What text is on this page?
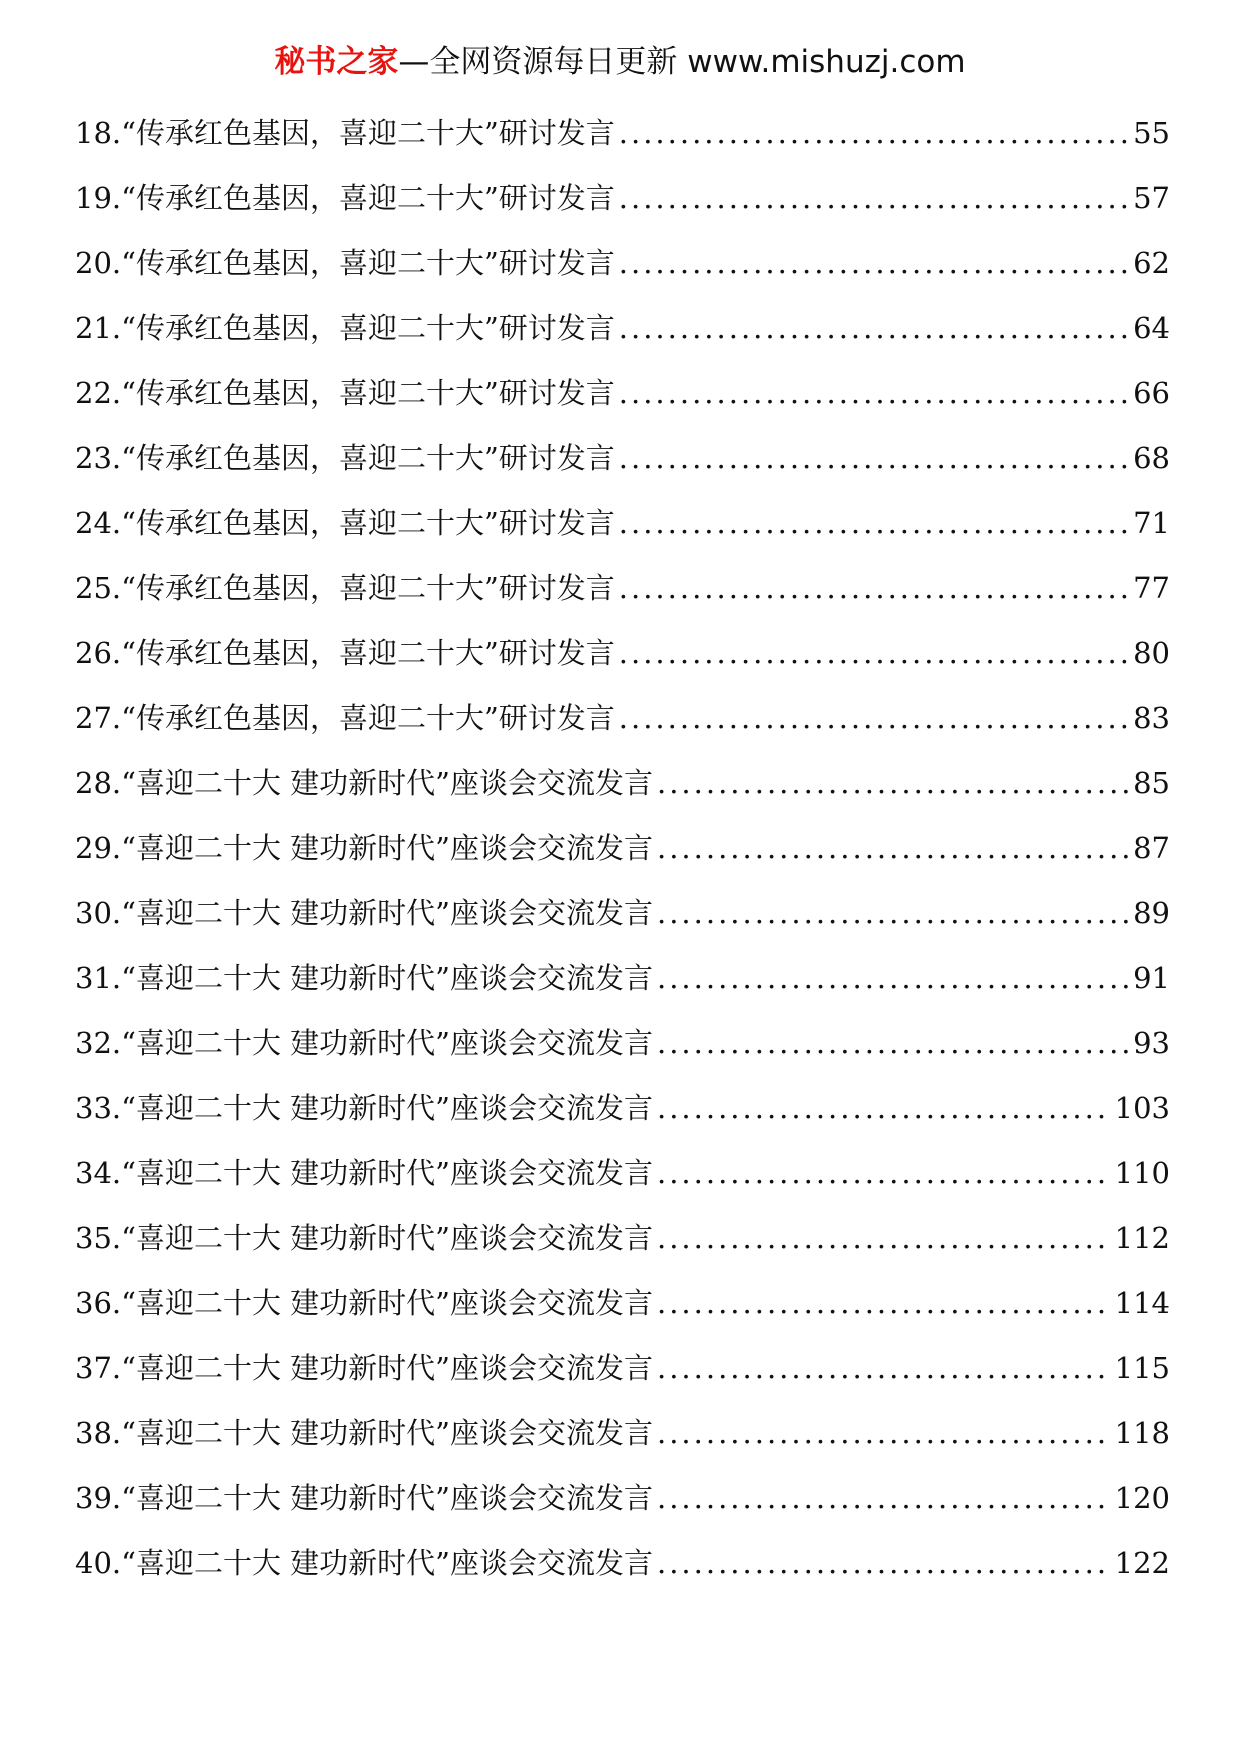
秘书之家—全网资源每日更新 www.mishuzj.com
18. “传承红色基因，喜迎二十大”研讨发言 .....	55
19. “传承红色基因，喜迎二十大”研讨发言 .....	57
20. “传承红色基因，喜迎二十大”研讨发言 .....	62
21. “传承红色基因，喜迎二十大”研讨发言 .....	64
22. “传承红色基因，喜迎二十大”研讨发言 .....	66
23. “传承红色基因，喜迎二十大”研讨发言 .....	68
24. “传承红色基因，喜迎二十大”研讨发言 .....	71
25. “传承红色基因，喜迎二十大”研讨发言 .....	77
26. “传承红色基因，喜迎二十大”研讨发言 .....	80
27. “传承红色基因，喜迎二十大”研讨发言 .....	83
28. “喜迎二十大 建功新时代”座谈会交流发言 .....	85
29. “喜迎二十大 建功新时代”座谈会交流发言 .....	87
30. “喜迎二十大 建功新时代”座谈会交流发言 .....	89
31. “喜迎二十大 建功新时代”座谈会交流发言 .....	91
32. “喜迎二十大 建功新时代”座谈会交流发言 .....	93
33. “喜迎二十大 建功新时代”座谈会交流发言 .....	103
34. “喜迎二十大 建功新时代”座谈会交流发言 .....	110
35. “喜迎二十大 建功新时代”座谈会交流发言 .....	112
36. “喜迎二十大 建功新时代”座谈会交流发言 .....	114
37. “喜迎二十大 建功新时代”座谈会交流发言 .....	115
38. “喜迎二十大 建功新时代”座谈会交流发言 .....	118
39. “喜迎二十大 建功新时代”座谈会交流发言 .....	120
40. “喜迎二十大 建功新时代”座谈会交流发言 .....	122
